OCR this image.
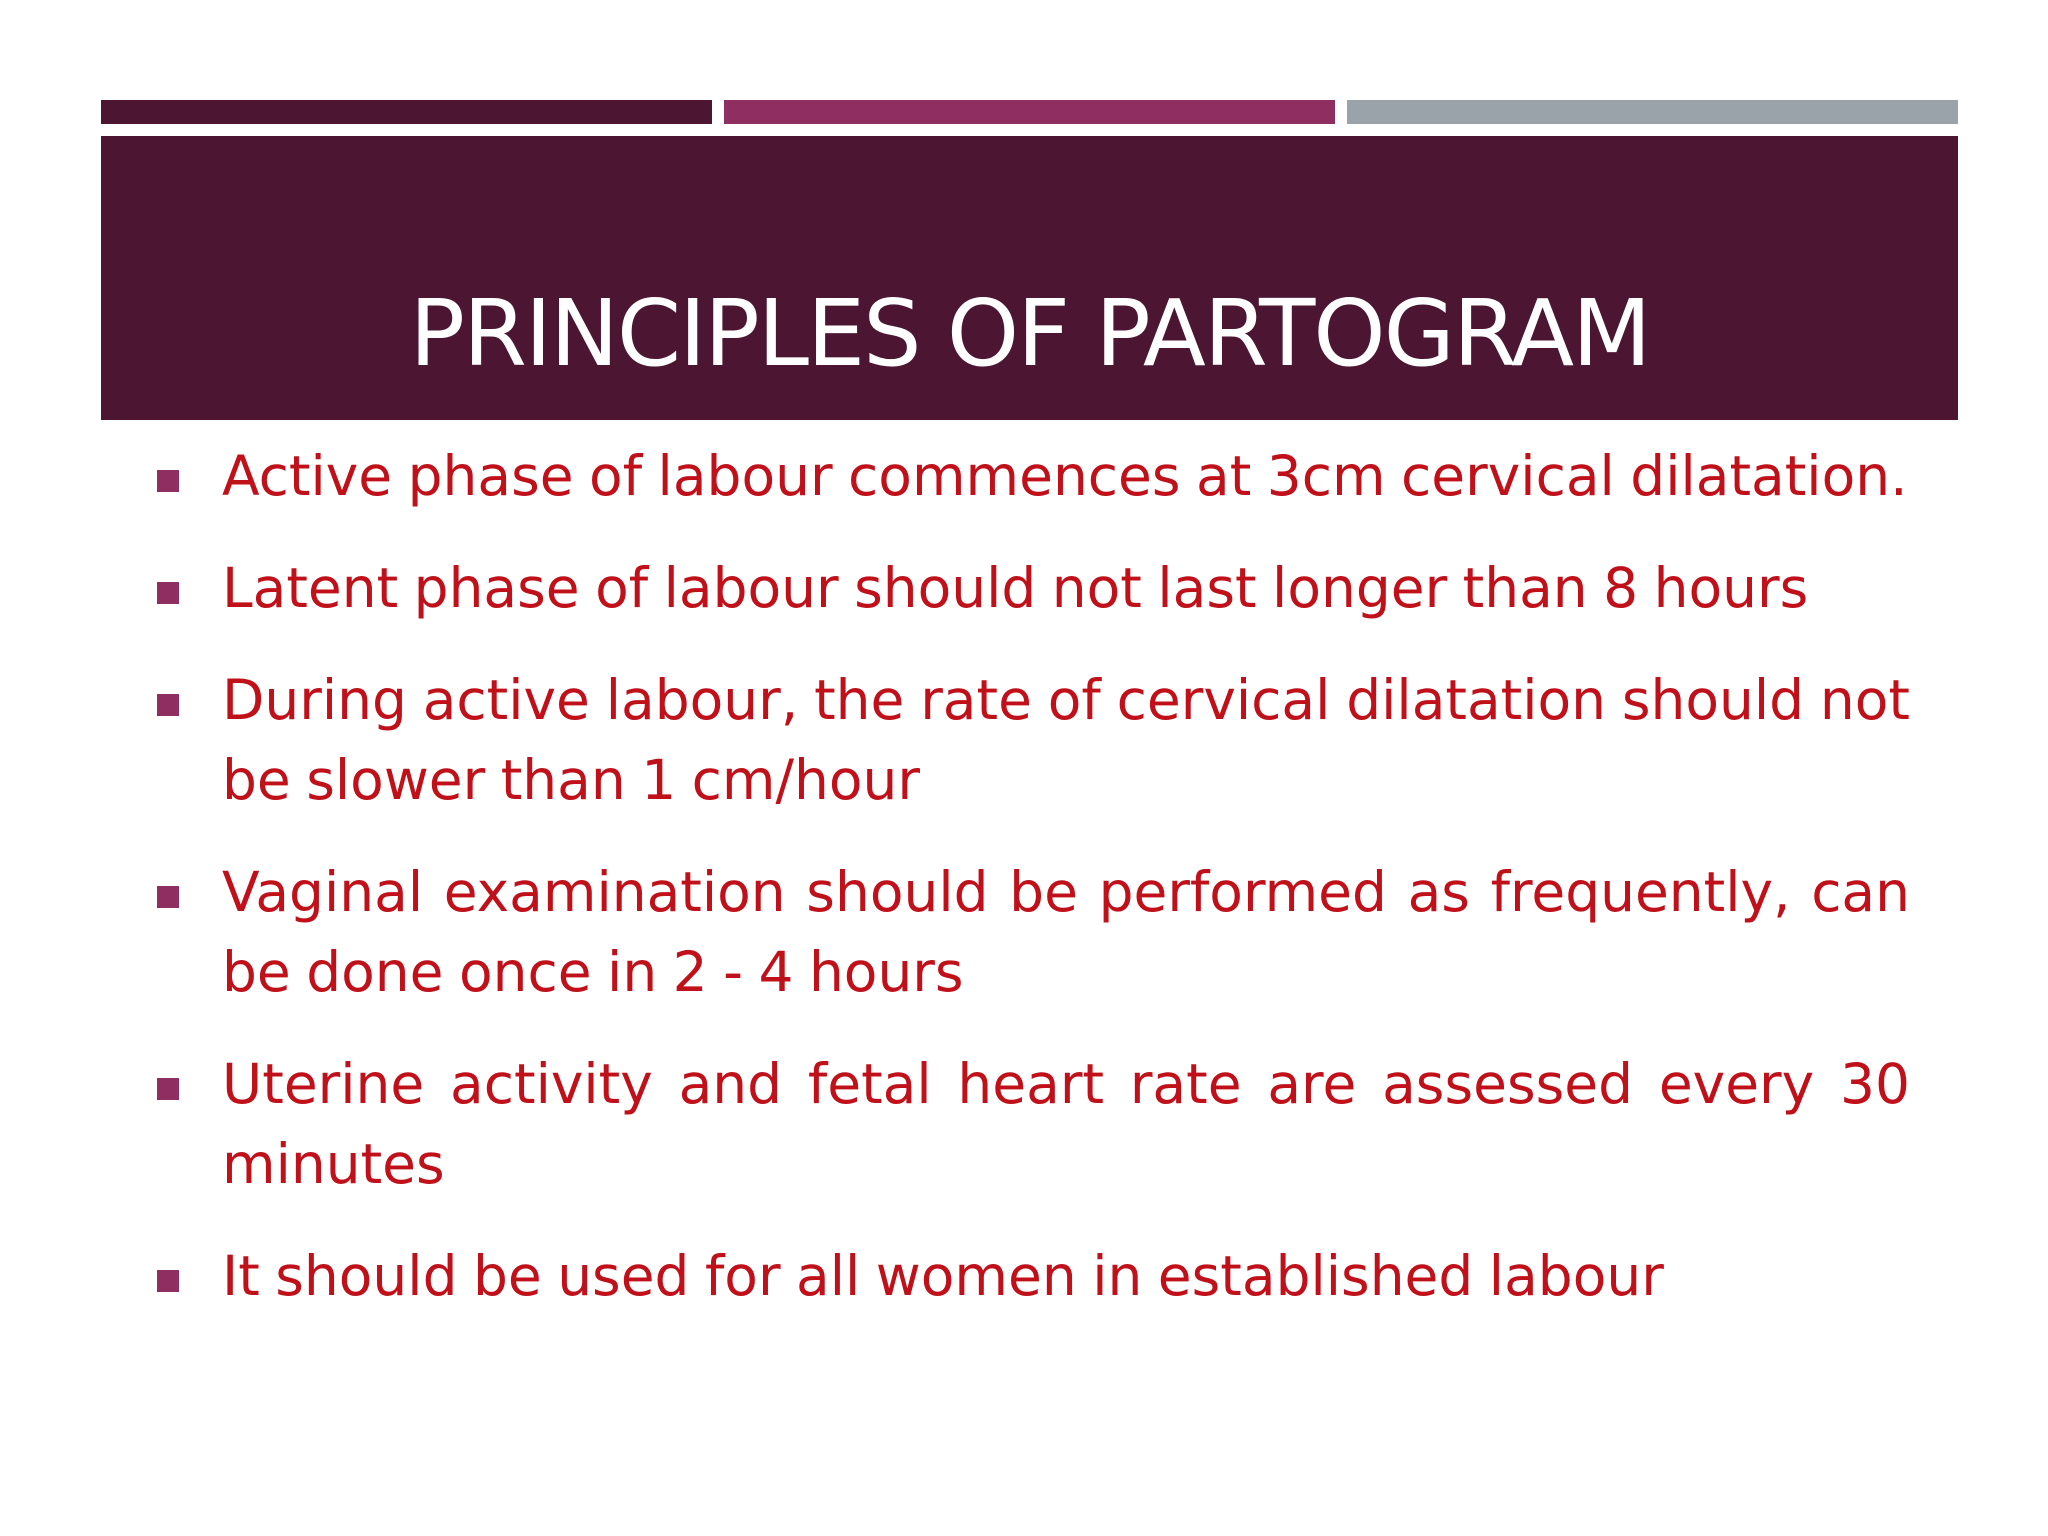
PRINCIPLES OF PARTOGRAM
Active phase of labour commences at 3cm cervical dilatation.
Latent phase of labour should not last longer than 8 hours
During active labour, the rate of cervical dilatation should not be slower than 1 cm/hour
Vaginal examination should be performed as frequently, can be done once in 2 - 4 hours
Uterine activity and fetal heart rate are assessed every 30 minutes
It should be used for all women in established labour
